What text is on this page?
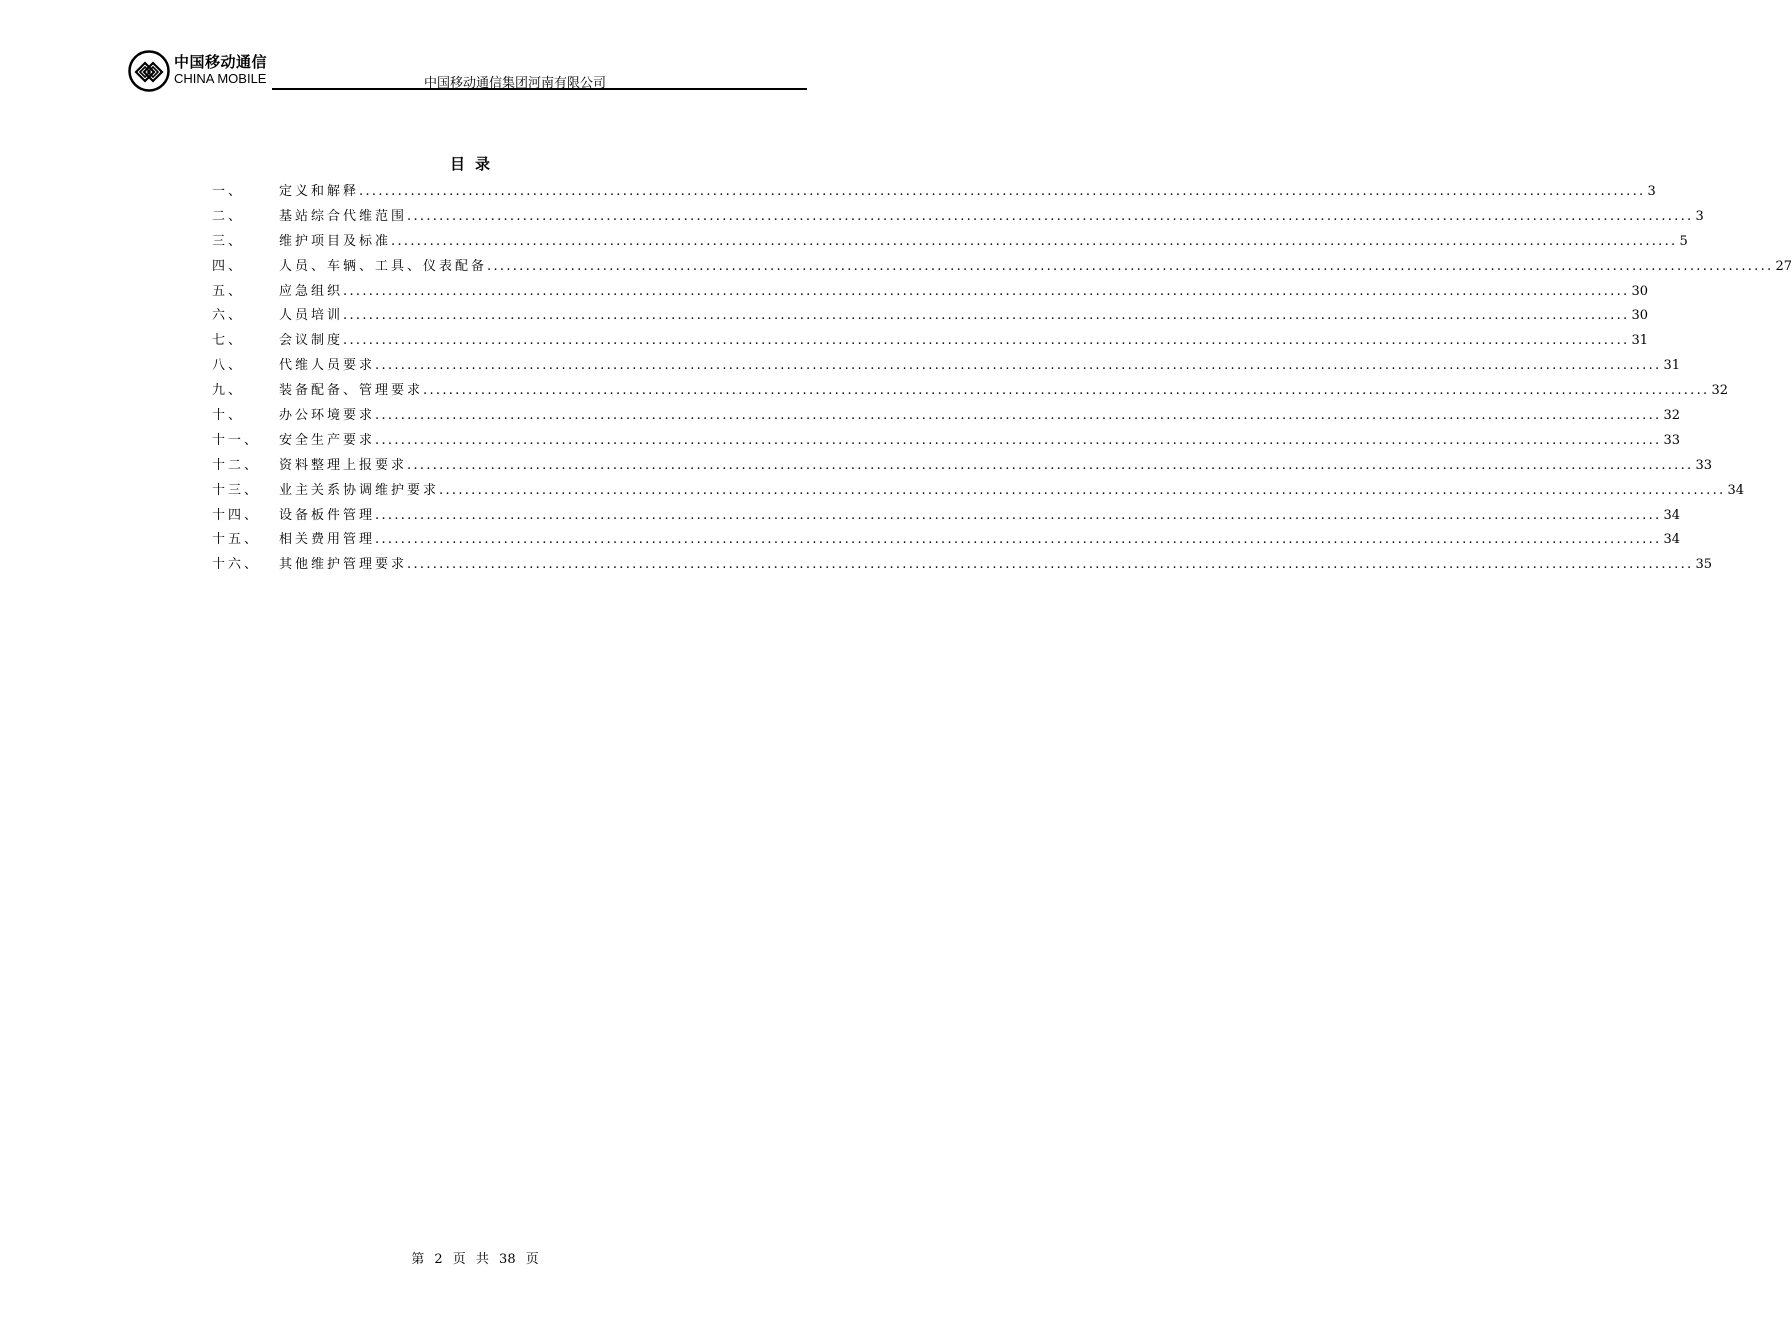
中国移动通信
CHINA MOBILE	中国移动通信集团河南有限公司
目录
一、	定义和解释 ........................................................................................................................................................................................................ 3
二、	基站综合代维范围 ........................................................................................................................................................................................................ 3
三、	维护项目及标准 ........................................................................................................................................................................................................ 5
四、	人员、车辆、工具、仪表配备 ........................................................................................................................................................................................................ 27
五、	应急组织 ........................................................................................................................................................................................................ 30
六、	人员培训 ........................................................................................................................................................................................................ 30
七、	会议制度 ........................................................................................................................................................................................................ 31
八、	代维人员要求 ........................................................................................................................................................................................................ 31
九、	装备配备、管理要求 ........................................................................................................................................................................................................ 32
十、	办公环境要求 ........................................................................................................................................................................................................ 32
十一、 安全生产要求 ........................................................................................................................................................................................................ 33
十二、 资料整理上报要求 ........................................................................................................................................................................................................ 33
十三、 业主关系协调维护要求 ........................................................................................................................................................................................................ 34
十四、 设备板件管理 ........................................................................................................................................................................................................ 34
十五、 相关费用管理 ........................................................................................................................................................................................................ 34
十六、 其他维护管理要求 ........................................................................................................................................................................................................ 35
第 2 页 共 38 页
